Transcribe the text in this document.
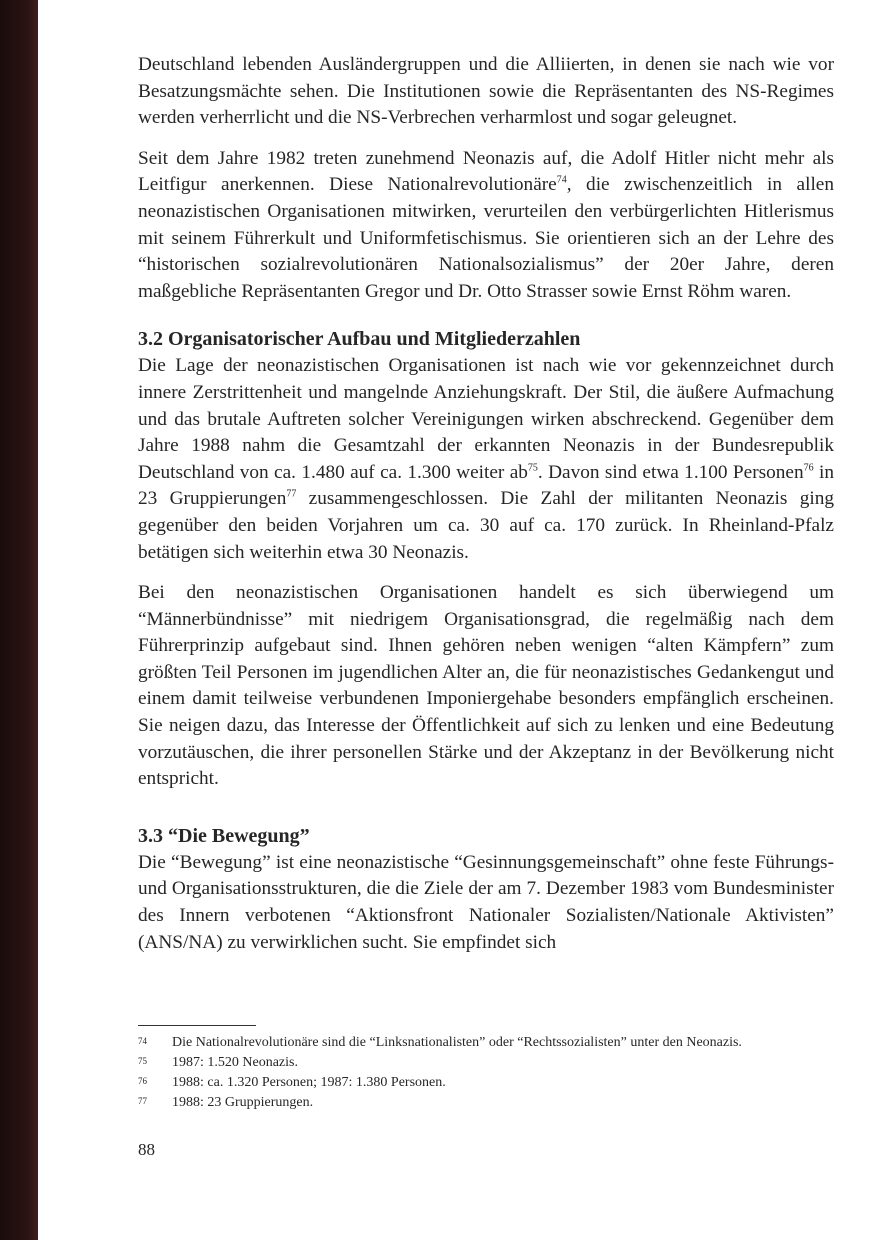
Deutschland lebenden Ausländergruppen und die Alliierten, in denen sie nach wie vor Besatzungsmächte sehen. Die Institutionen sowie die Repräsentanten des NS-Regimes werden verherrlicht und die NS-Verbrechen verharmlost und sogar geleugnet.

Seit dem Jahre 1982 treten zunehmend Neonazis auf, die Adolf Hitler nicht mehr als Leitfigur anerkennen. Diese Nationalrevolutionäre$^{74}$, die zwischenzeitlich in allen neonazistischen Organisationen mitwirken, verurteilen den verbürgerlichten Hitlerismus mit seinem Führerkult und Uniformfetischismus. Sie orientieren sich an der Lehre des “historischen sozialrevolutionären Nationalsozialismus” der 20er Jahre, deren maßgebliche Repräsentanten Gregor und Dr. Otto Strasser sowie Ernst Röhm waren.

3.2 Organisatorischer Aufbau und Mitgliederzahlen

Die Lage der neonazistischen Organisationen ist nach wie vor gekennzeichnet durch innere Zerstrittenheit und mangelnde Anziehungskraft. Der Stil, die äußere Aufmachung und das brutale Auftreten solcher Vereinigungen wirken abschreckend. Gegenüber dem Jahre 1988 nahm die Gesamtzahl der erkannten Neonazis in der Bundesrepublik Deutschland von ca. 1.480 auf ca. 1.300 weiter $ab^{75}$. Davon sind etwa 1.100 Personen$^{76}$ in 23 Gruppierungen$^{77}$ zusammengeschlossen. Die Zahl der militanten Neonazis ging gegenüber den beiden Vorjahren um ca. 30 auf ca. 170 zurück. In Rheinland-Pfalz betätigen sich weiterhin etwa 30 Neonazis.

Bei den neonazistischen Organisationen handelt es sich überwiegend um “Männerbündnisse” mit niedrigem Organisationsgrad, die regelmäßig nach dem Führerprinzip aufgebaut sind. Ihnen gehören neben wenigen “alten Kämpfern” zum größten Teil Personen im jugendlichen Alter an, die für neonazistisches Gedankengut und einem damit teilweise verbundenen Imponiergehabe besonders empfänglich erscheinen. Sie neigen dazu, das Interesse der Öffentlichkeit auf sich zu lenken und eine Bedeutung vorzutäuschen, die ihrer personellen Stärke und der Akzeptanz in der Bevölkerung nicht entspricht.

3.3 “Die Bewegung”

Die “Bewegung” ist eine neonazistische “Gesinnungsgemeinschaft” ohne feste Führungs- und Organisationsstrukturen, die die Ziele der am 7. Dezember 1983 vom Bundesminister des Innern verbotenen “Aktionsfront Nationaler Sozialisten/Nationale Aktivisten” (ANS/NA) zu verwirklichen sucht. Sie empfindet sich

74	Die Nationalrevolutionäre sind die “Linksnationalisten” oder “Rechtssozialisten” unter den Neonazis.
75	1987: 1.520 Neonazis.
76	1988: ca. 1.320 Personen; 1987: 1.380 Personen.
77	1988: 23 Gruppierungen.
88
